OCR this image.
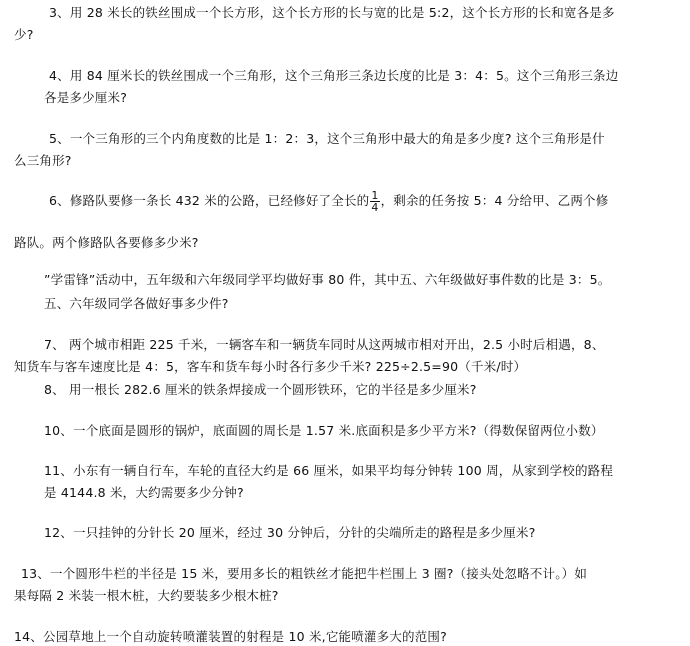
3、用 28 米长的铁丝围成一个长方形，这个长方形的长与宽的比是 5:2，这个长方形的长和宽各是多
少?
4、用 84 厘米长的铁丝围成一个三角形，这个三角形三条边长度的比是 3：4：5。这个三角形三条边
各是多少厘米?
5、一个三角形的三个内角度数的比是 1：2：3，这个三角形中最大的角是多少度? 这个三角形是什
么三角形?
6、修路队要修一条长 432 米的公路，已经修好了全长的 $\frac{1}{4}$ ，剩余的任务按 5：4 分给甲、乙两个修
路队。两个修路队各要修多少米?
”学雷锋”活动中，五年级和六年级同学平均做好事 80 件，其中五、六年级做好事件数的比是 3：5。
五、六年级同学各做好事多少件?
7、 两个城市相距 225 千米，一辆客车和一辆货车同时从这两城市相对开出，2.5 小时后相遇，8、
知货车与客车速度比是 4：5，客车和货车每小时各行多少千米? 225÷2.5=90（千米/时）
8、 用一根长 282.6 厘米的铁条焊接成一个圆形铁环，它的半径是多少厘米?
10、一个底面是圆形的锅炉，底面圆的周长是 1.57 米.底面积是多少平方米?（得数保留两位小数）
11、小东有一辆自行车，车轮的直径大约是 66 厘米，如果平均每分钟转 100 周，从家到学校的路程
是 4144.8 米，大约需要多少分钟?
12、一只挂钟的分针长 20 厘米，经过 30 分钟后，分针的尖端所走的路程是多少厘米?
13、一个圆形牛栏的半径是 15 米，要用多长的粗铁丝才能把牛栏围上 3 圈?（接头处忽略不计。）如
果每隔 2 米装一根木桩，大约要装多少根木桩?
14、公园草地上一个自动旋转喷灌装置的射程是 10 米,它能喷灌多大的范围?
